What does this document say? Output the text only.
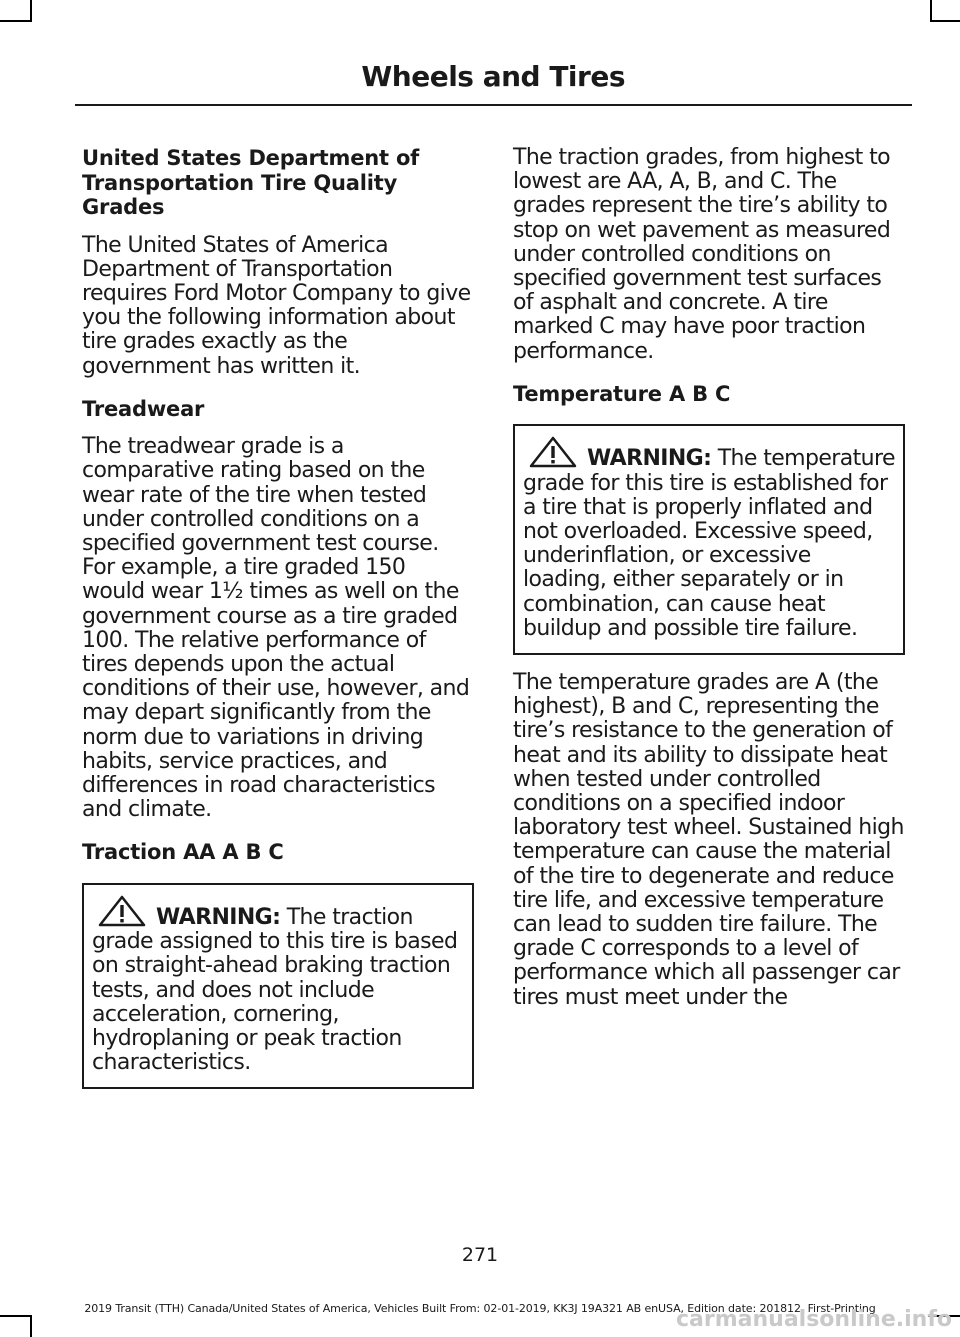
Wheels and Tires

United States Department of Transportation Tire Quality Grades

The United States of America Department of Transportation requires Ford Motor Company to give you the following information about tire grades exactly as the government has written it.

Treadwear

The treadwear grade is a comparative rating based on the wear rate of the tire when tested under controlled conditions on a specified government test course. For example, a tire graded 150 would wear 1½ times as well on the government course as a tire graded 100. The relative performance of tires depends upon the actual conditions of their use, however, and may depart significantly from the norm due to variations in driving habits, service practices, and differences in road characteristics and climate.

Traction AA A B C

WARNING: The traction grade assigned to this tire is based on straight-ahead braking traction tests, and does not include acceleration, cornering, hydroplaning or peak traction characteristics.

The traction grades, from highest to lowest are AA, A, B, and C. The grades represent the tire’s ability to stop on wet pavement as measured under controlled conditions on specified government test surfaces of asphalt and concrete. A tire marked C may have poor traction performance.

Temperature A B C

WARNING: The temperature grade for this tire is established for a tire that is properly inflated and not overloaded. Excessive speed, underinflation, or excessive loading, either separately or in combination, can cause heat buildup and possible tire failure.

The temperature grades are A (the highest), B and C, representing the tire’s resistance to the generation of heat and its ability to dissipate heat when tested under controlled conditions on a specified indoor laboratory test wheel. Sustained high temperature can cause the material of the tire to degenerate and reduce tire life, and excessive temperature can lead to sudden tire failure. The grade C corresponds to a level of performance which all passenger car tires must meet under the

271
2019 Transit (TTH) Canada/United States of America, Vehicles Built From: 02-01-2019, KK3J 19A321 AB enUSA, Edition date: 201812, First-Printing
carmanualsonline.info
